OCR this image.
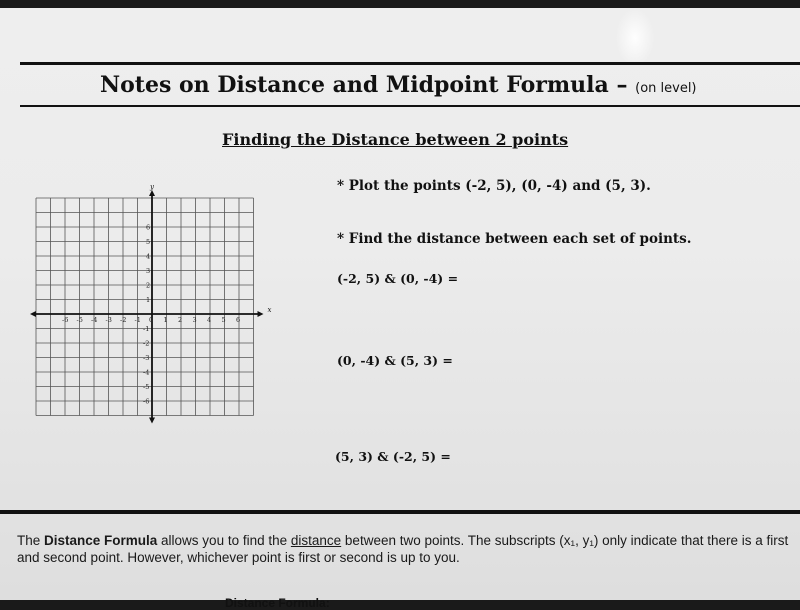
Notes on Distance and Midpoint Formula – (on level)
Finding the Distance between 2 points
* Plot the points (-2, 5), (0, -4) and (5, 3).
* Find the distance between each set of points.
(-2, 5) & (0, -4) =
(0, -4) & (5, 3) =
(5, 3) & (-2, 5) =
x
y
-6 -5 -4 -3 -2 -1 0 1 2 3 4 5 6
6
5
4
3
2
1
-1
-2
-3
-4
-5
-6
The Distance Formula allows you to find the distance between two points. The subscripts (x₁, y₁) only indicate that there is a first and second point. However, whichever point is first or second is up to you.
Distance Formula:
